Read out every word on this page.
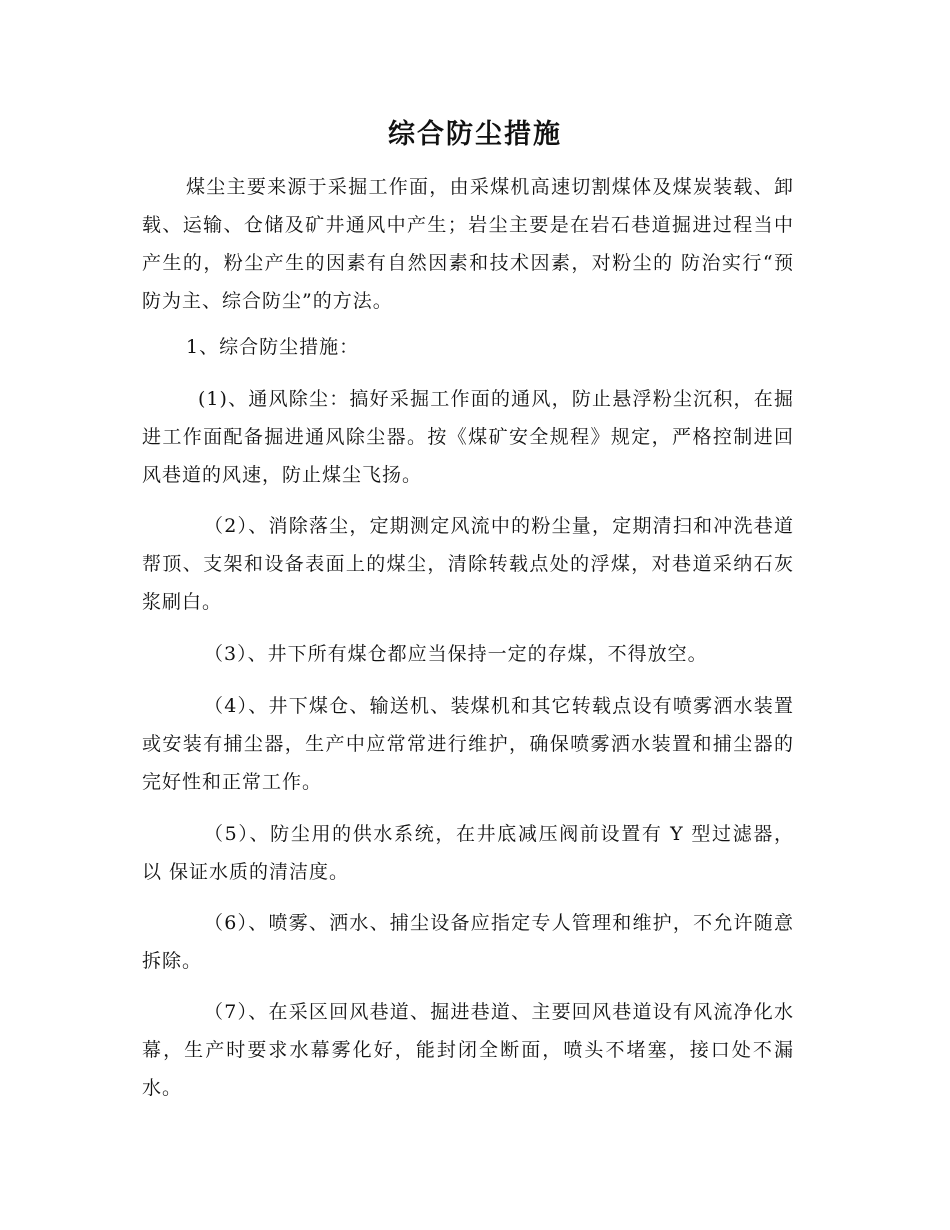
综合防尘措施

煤尘主要来源于采掘工作面，由采煤机高速切割煤体及煤炭装载、卸载、运输、仓储及矿井通风中产生；岩尘主要是在岩石巷道掘进过程当中产生的，粉尘产生的因素有自然因素和技术因素，对粉尘的 防治实行“预防为主、综合防尘”的方法。

1、综合防尘措施：

(1)、通风除尘：搞好采掘工作面的通风，防止悬浮粉尘沉积，在掘进工作面配备掘进通风除尘器。按《煤矿安全规程》规定，严格控制进回风巷道的风速，防止煤尘飞扬。

（2）、消除落尘，定期测定风流中的粉尘量，定期清扫和冲洗巷道帮顶、支架和设备表面上的煤尘，清除转载点处的浮煤，对巷道采纳石灰浆刷白。

（3）、井下所有煤仓都应当保持一定的存煤，不得放空。

（4）、井下煤仓、输送机、装煤机和其它转载点设有喷雾洒水装置或安装有捕尘器，生产中应常常进行维护，确保喷雾洒水装置和捕尘器的完好性和正常工作。

（5）、防尘用的供水系统，在井底减压阀前设置有 Y 型过滤器，以 保证水质的清洁度。

（6）、喷雾、洒水、捕尘设备应指定专人管理和维护，不允许随意拆除。

（7）、在采区回风巷道、掘进巷道、主要回风巷道设有风流净化水幕，生产时要求水幕雾化好，能封闭全断面，喷头不堵塞，接口处不漏水。
